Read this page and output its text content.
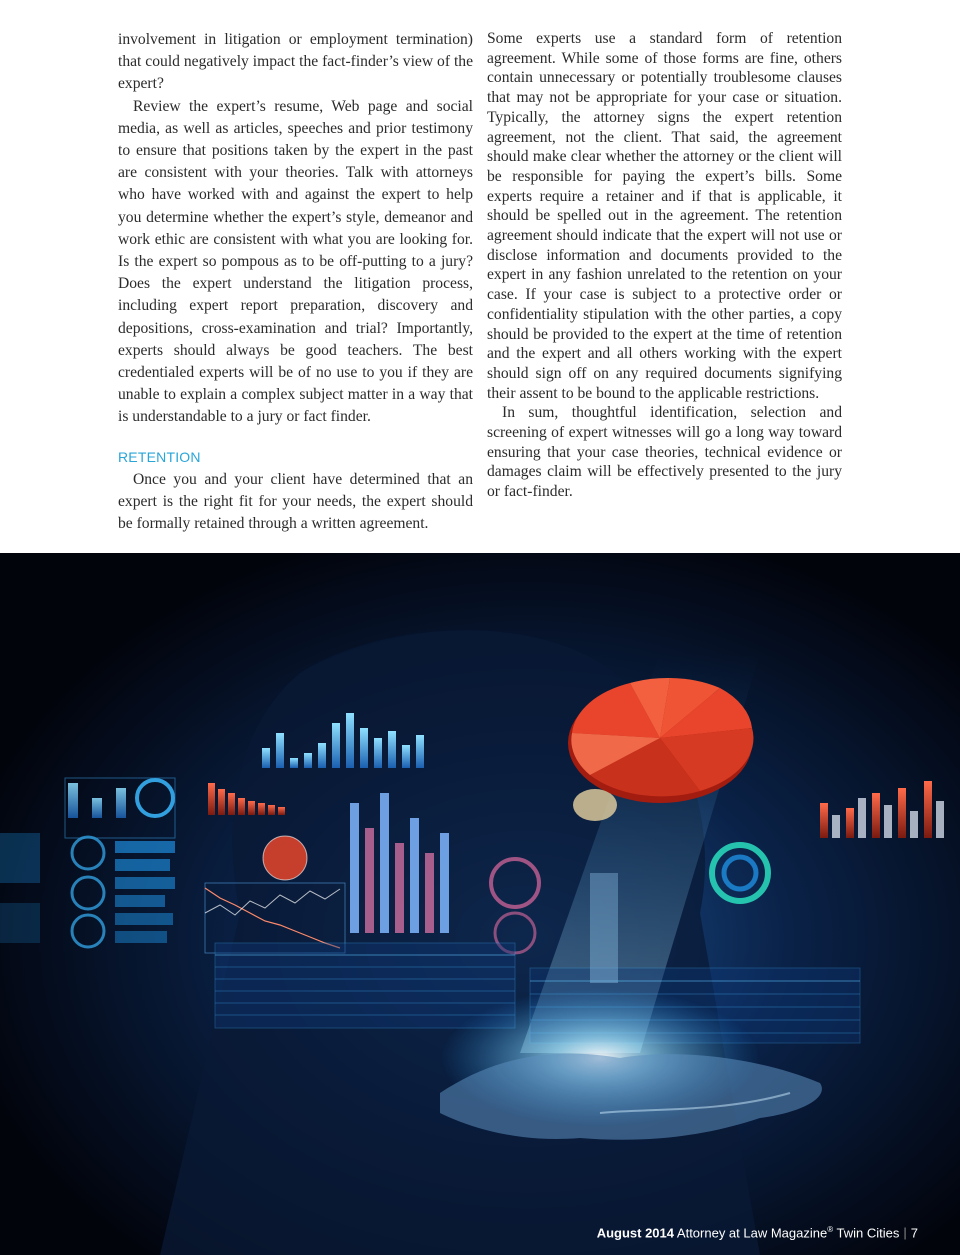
involvement in litigation or employment termination) that could negatively impact the fact-finder’s view of the expert?

Review the expert’s resume, Web page and social media, as well as articles, speeches and prior testimony to ensure that positions taken by the expert in the past are consistent with your theories. Talk with attorneys who have worked with and against the expert to help you determine whether the expert’s style, demeanor and work ethic are consistent with what you are looking for. Is the expert so pompous as to be off-putting to a jury? Does the expert understand the litigation process, including expert report preparation, discovery and depositions, cross-examination and trial? Importantly, experts should always be good teachers. The best credentialed experts will be of no use to you if they are unable to explain a complex subject matter in a way that is understandable to a jury or fact finder.

RETENTION

Once you and your client have determined that an expert is the right fit for your needs, the expert should be formally retained through a written agreement.

Some experts use a standard form of retention agreement. While some of those forms are fine, others contain unnecessary or potentially troublesome clauses that may not be appropriate for your case or situation. Typically, the attorney signs the expert retention agreement, not the client. That said, the agreement should make clear whether the attorney or the client will be responsible for paying the expert’s bills. Some experts require a retainer and if that is applicable, it should be spelled out in the agreement. The retention agreement should indicate that the expert will not use or disclose information and documents provided to the expert in any fashion unrelated to the retention on your case. If your case is subject to a protective order or confidentiality stipulation with the other parties, a copy should be provided to the expert at the time of retention and the expert and all others working with the expert should sign off on any required documents signifying their assent to be bound to the applicable restrictions.

In sum, thoughtful identification, selection and screening of expert witnesses will go a long way toward ensuring that your case theories, technical evidence or damages claim will be effectively presented to the jury or fact-finder.

August 2014 Attorney at Law Magazine® Twin Cities | 7
